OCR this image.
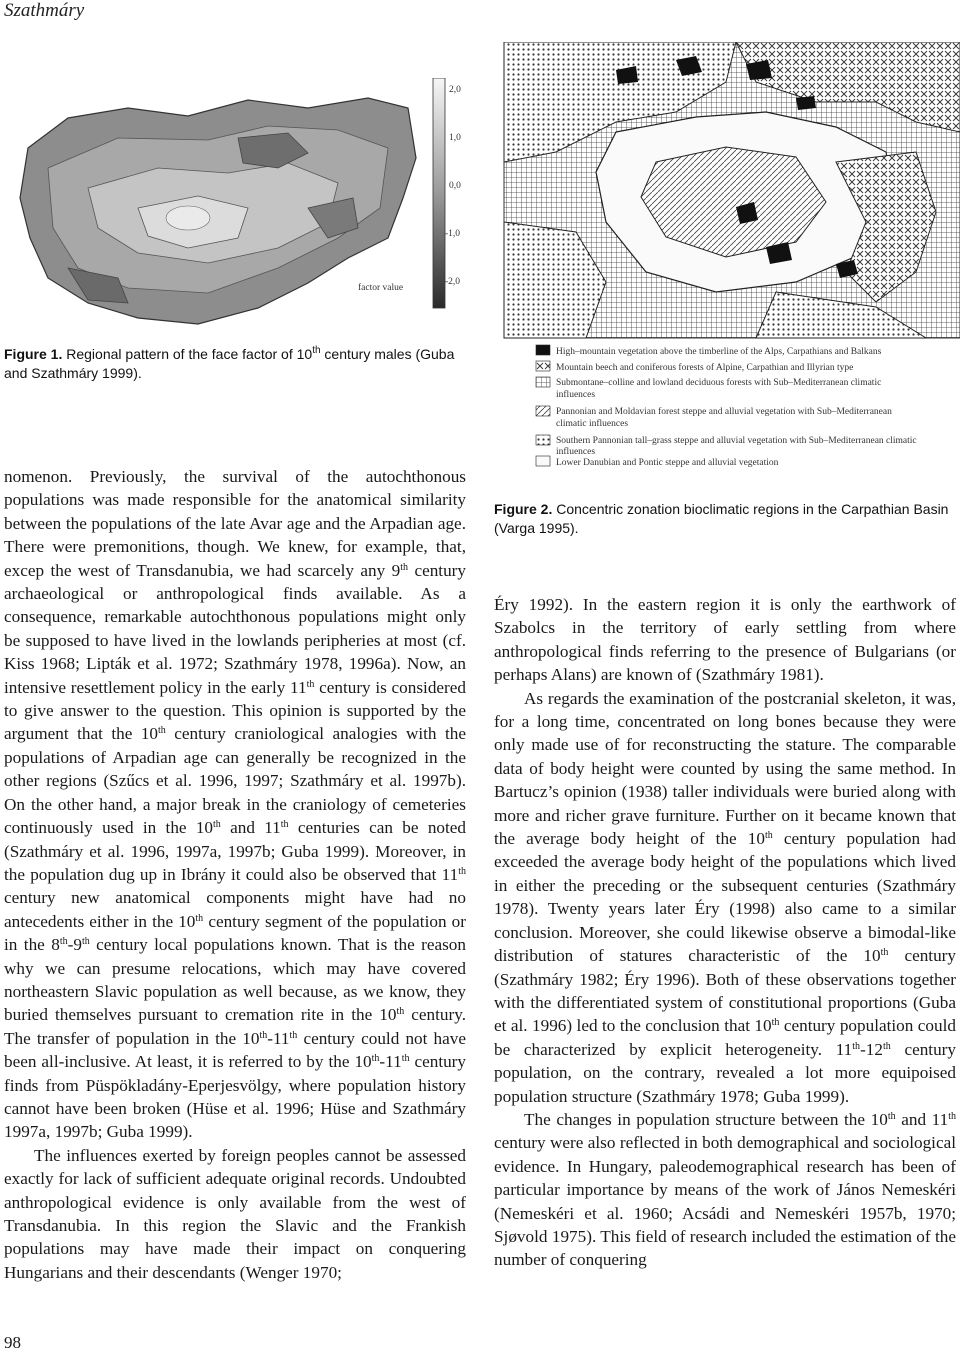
Szathmáry
2,0
1,0
0,0
-1,0
-2,0
factor value
Figure 1. Regional pattern of the face factor of 10th century males (Guba and Szathmáry 1999).
High–mountain vegetation above the timberline of the Alps, Carpathians and Balkans
Mountain beech and coniferous forests of Alpine, Carpathian and Illyrian type
Submontane–colline and lowland deciduous forests with Sub–Mediterranean climatic
influences
Pannonian and Moldavian forest steppe and alluvial vegetation with Sub–Mediterranean
climatic influences
Southern Pannonian tall–grass steppe and alluvial vegetation with Sub–Mediterranean climatic
influences
Lower Danubian and Pontic steppe and alluvial vegetation
Figure 2. Concentric zonation bioclimatic regions in the Carpathian Basin (Varga 1995).

nomenon. Previously, the survival of the autochthonous populations was made responsible for the anatomical similarity between the populations of the late Avar age and the Arpadian age. There were premonitions, though. We knew, for example, that, excep the west of Transdanubia, we had scarcely any 9th century archaeological or anthropological finds available. As a consequence, remarkable autochthonous populations might only be supposed to have lived in the lowlands peripheries at most (cf. Kiss 1968; Lipták et al. 1972; Szathmáry 1978, 1996a). Now, an intensive resettlement policy in the early 11th century is considered to give answer to the question. This opinion is supported by the argument that the 10th century craniological analogies with the populations of Arpadian age can generally be recognized in the other regions (Szűcs et al. 1996, 1997; Szathmáry et al. 1997b). On the other hand, a major break in the craniology of cemeteries continuously used in the 10th and 11th centuries can be noted (Szathmáry et al. 1996, 1997a, 1997b; Guba 1999). Moreover, in the population dug up in Ibrány it could also be observed that 11th century new anatomical components might have had no antecedents either in the 10th century segment of the population or in the 8th-9th century local populations known. That is the reason why we can presume relocations, which may have covered northeastern Slavic population as well because, as we know, they buried themselves pursuant to cremation rite in the 10th century. The transfer of population in the 10th-11th century could not have been all-inclusive. At least, it is referred to by the 10th-11th century finds from Püspökladány-Eperjesvölgy, where population history cannot have been broken (Hüse et al. 1996; Hüse and Szathmáry 1997a, 1997b; Guba 1999).

The influences exerted by foreign peoples cannot be assessed exactly for lack of sufficient adequate original records. Undoubted anthropological evidence is only available from the west of Transdanubia. In this region the Slavic and the Frankish populations may have made their impact on conquering Hungarians and their descendants (Wenger 1970;

Éry 1992). In the eastern region it is only the earthwork of Szabolcs in the territory of early settling from where anthropological finds referring to the presence of Bulgarians (or perhaps Alans) are known of (Szathmáry 1981).

As regards the examination of the postcranial skeleton, it was, for a long time, concentrated on long bones because they were only made use of for reconstructing the stature. The comparable data of body height were counted by using the same method. In Bartucz’s opinion (1938) taller individuals were buried along with more and richer grave furniture. Further on it became known that the average body height of the 10th century population had exceeded the average body height of the populations which lived in either the preceding or the subsequent centuries (Szathmáry 1978). Twenty years later Éry (1998) also came to a similar conclusion. Moreover, she could likewise observe a bimodal-like distribution of statures characteristic of the 10th century (Szathmáry 1982; Éry 1996). Both of these observations together with the differentiated system of constitutional proportions (Guba et al. 1996) led to the conclusion that 10th century population could be characterized by explicit heterogeneity. 11th-12th century population, on the contrary, revealed a lot more equipoised population structure (Szathmáry 1978; Guba 1999).

The changes in population structure between the 10th and 11th century were also reflected in both demographical and sociological evidence. In Hungary, paleodemographical research has been of particular importance by means of the work of János Nemeskéri (Nemeskéri et al. 1960; Acsádi and Nemeskéri 1957b, 1970; Sjøvold 1975). This field of research included the estimation of the number of conquering

98
